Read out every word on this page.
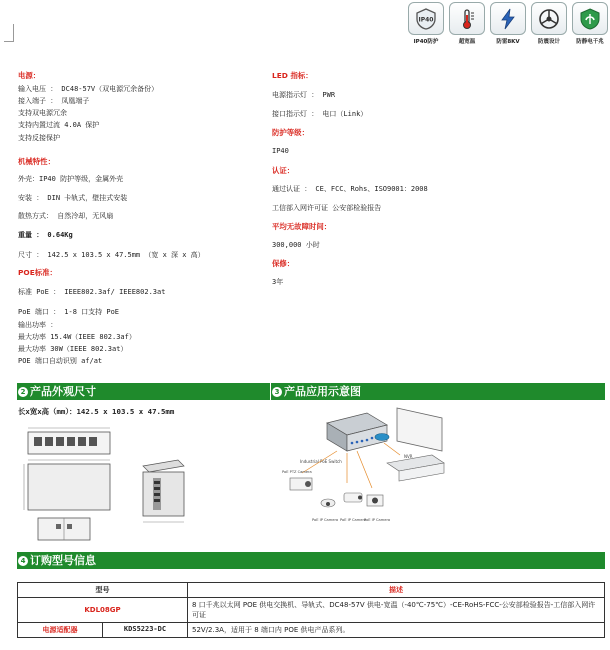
IP40
IP40防护	超宽温	防雷8KV	防震设计	防静电千兆
电源：
输入电压 ： DC48-57V（双电源冗余备份）
接入端子 ： 凤凰端子
支持双电源冗余
支持内置过流 4.0A 保护
支持反接保护
机械特性：
外壳：IP40 防护等级，金属外壳
安装 ： DIN 卡轨式，壁挂式安装
散热方式： 自然冷却，无风扇
重量 ： 0.64Kg
尺寸 ： 142.5 x 103.5 x 47.5mm （宽 x 深 x 高）
POE标准：
标准 PoE ： IEEE802.3af/ IEEE802.3at
PoE 端口 ： 1-8 口支持 PoE
输出功率 ：
最大功率 15.4W（IEEE 802.3af）
最大功率 30W（IEEE 802.3at）
POE 端口自动识别 af/at
LED 指标：
电源指示灯 ： PWR
接口指示灯 ： 电口（Link）
防护等级：
IP40
认证：
通过认证 ： CE、FCC、Rohs、ISO9001：2008
工信部入网许可证 公安部检验报告
平均无故障时间：
300,000 小时
保修：
3年
2 产品外观尺寸	3 产品应用示意图
长x宽x高（mm）：142.5 x 103.5 x 47.5mm
Industrial PoE Switch
NVR
PoE PTZ Camera
PoE IP Camera PoE IP Camera
PoE IP Camera
4 订购型号信息
型号	描述
KDL08GP	8 口千兆以太网 POE 供电交换机、导轨式、DC48-57V 供电-宽温（-40℃-75℃）-CE-RoHS-FCC-公安部检验报告-工信部入网许可证

电源适配器 KDS5223-DC	52V/2.3A，适用于 8 端口内 POE 供电产品系列。
